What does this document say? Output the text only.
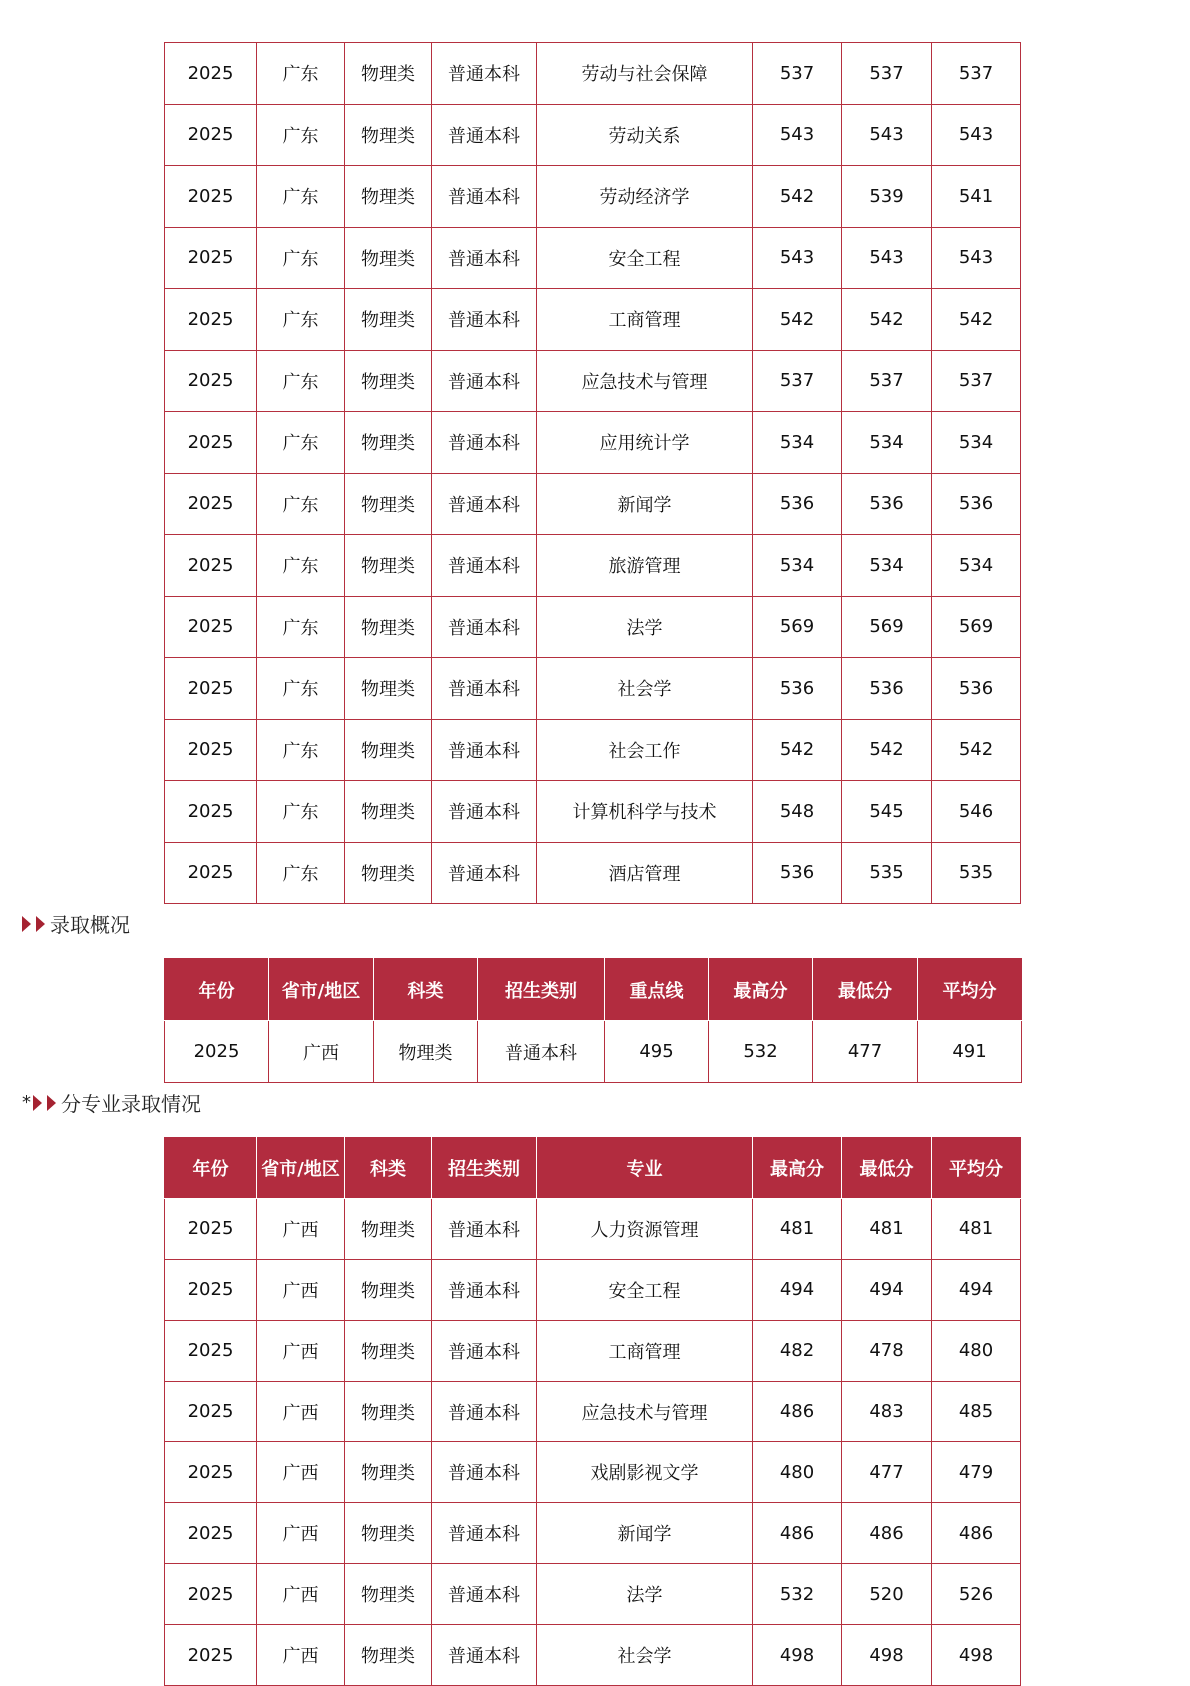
2025	广东	物理类	普通本科	劳动与社会保障	537	537	537
2025	广东	物理类	普通本科	劳动关系	543	543	543
2025	广东	物理类	普通本科	劳动经济学	542	539	541
2025	广东	物理类	普通本科	安全工程	543	543	543
2025	广东	物理类	普通本科	工商管理	542	542	542
2025	广东	物理类	普通本科	应急技术与管理	537	537	537
2025	广东	物理类	普通本科	应用统计学	534	534	534
2025	广东	物理类	普通本科	新闻学	536	536	536
2025	广东	物理类	普通本科	旅游管理	534	534	534
2025	广东	物理类	普通本科	法学	569	569	569
2025	广东	物理类	普通本科	社会学	536	536	536
2025	广东	物理类	普通本科	社会工作	542	542	542
2025	广东	物理类	普通本科	计算机科学与技术	548	545	546
2025	广东	物理类	普通本科	酒店管理	536	535	535
录取概况
年份	省市/地区	科类	招生类别	重点线	最高分	最低分	平均分
2025	广西	物理类	普通本科	495	532	477	491
* 分专业录取情况
年份	省市/地区	科类	招生类别	专业	最高分	最低分	平均分
2025	广西	物理类	普通本科	人力资源管理	481	481	481
2025	广西	物理类	普通本科	安全工程	494	494	494
2025	广西	物理类	普通本科	工商管理	482	478	480
2025	广西	物理类	普通本科	应急技术与管理	486	483	485
2025	广西	物理类	普通本科	戏剧影视文学	480	477	479
2025	广西	物理类	普通本科	新闻学	486	486	486
2025	广西	物理类	普通本科	法学	532	520	526
2025	广西	物理类	普通本科	社会学	498	498	498
